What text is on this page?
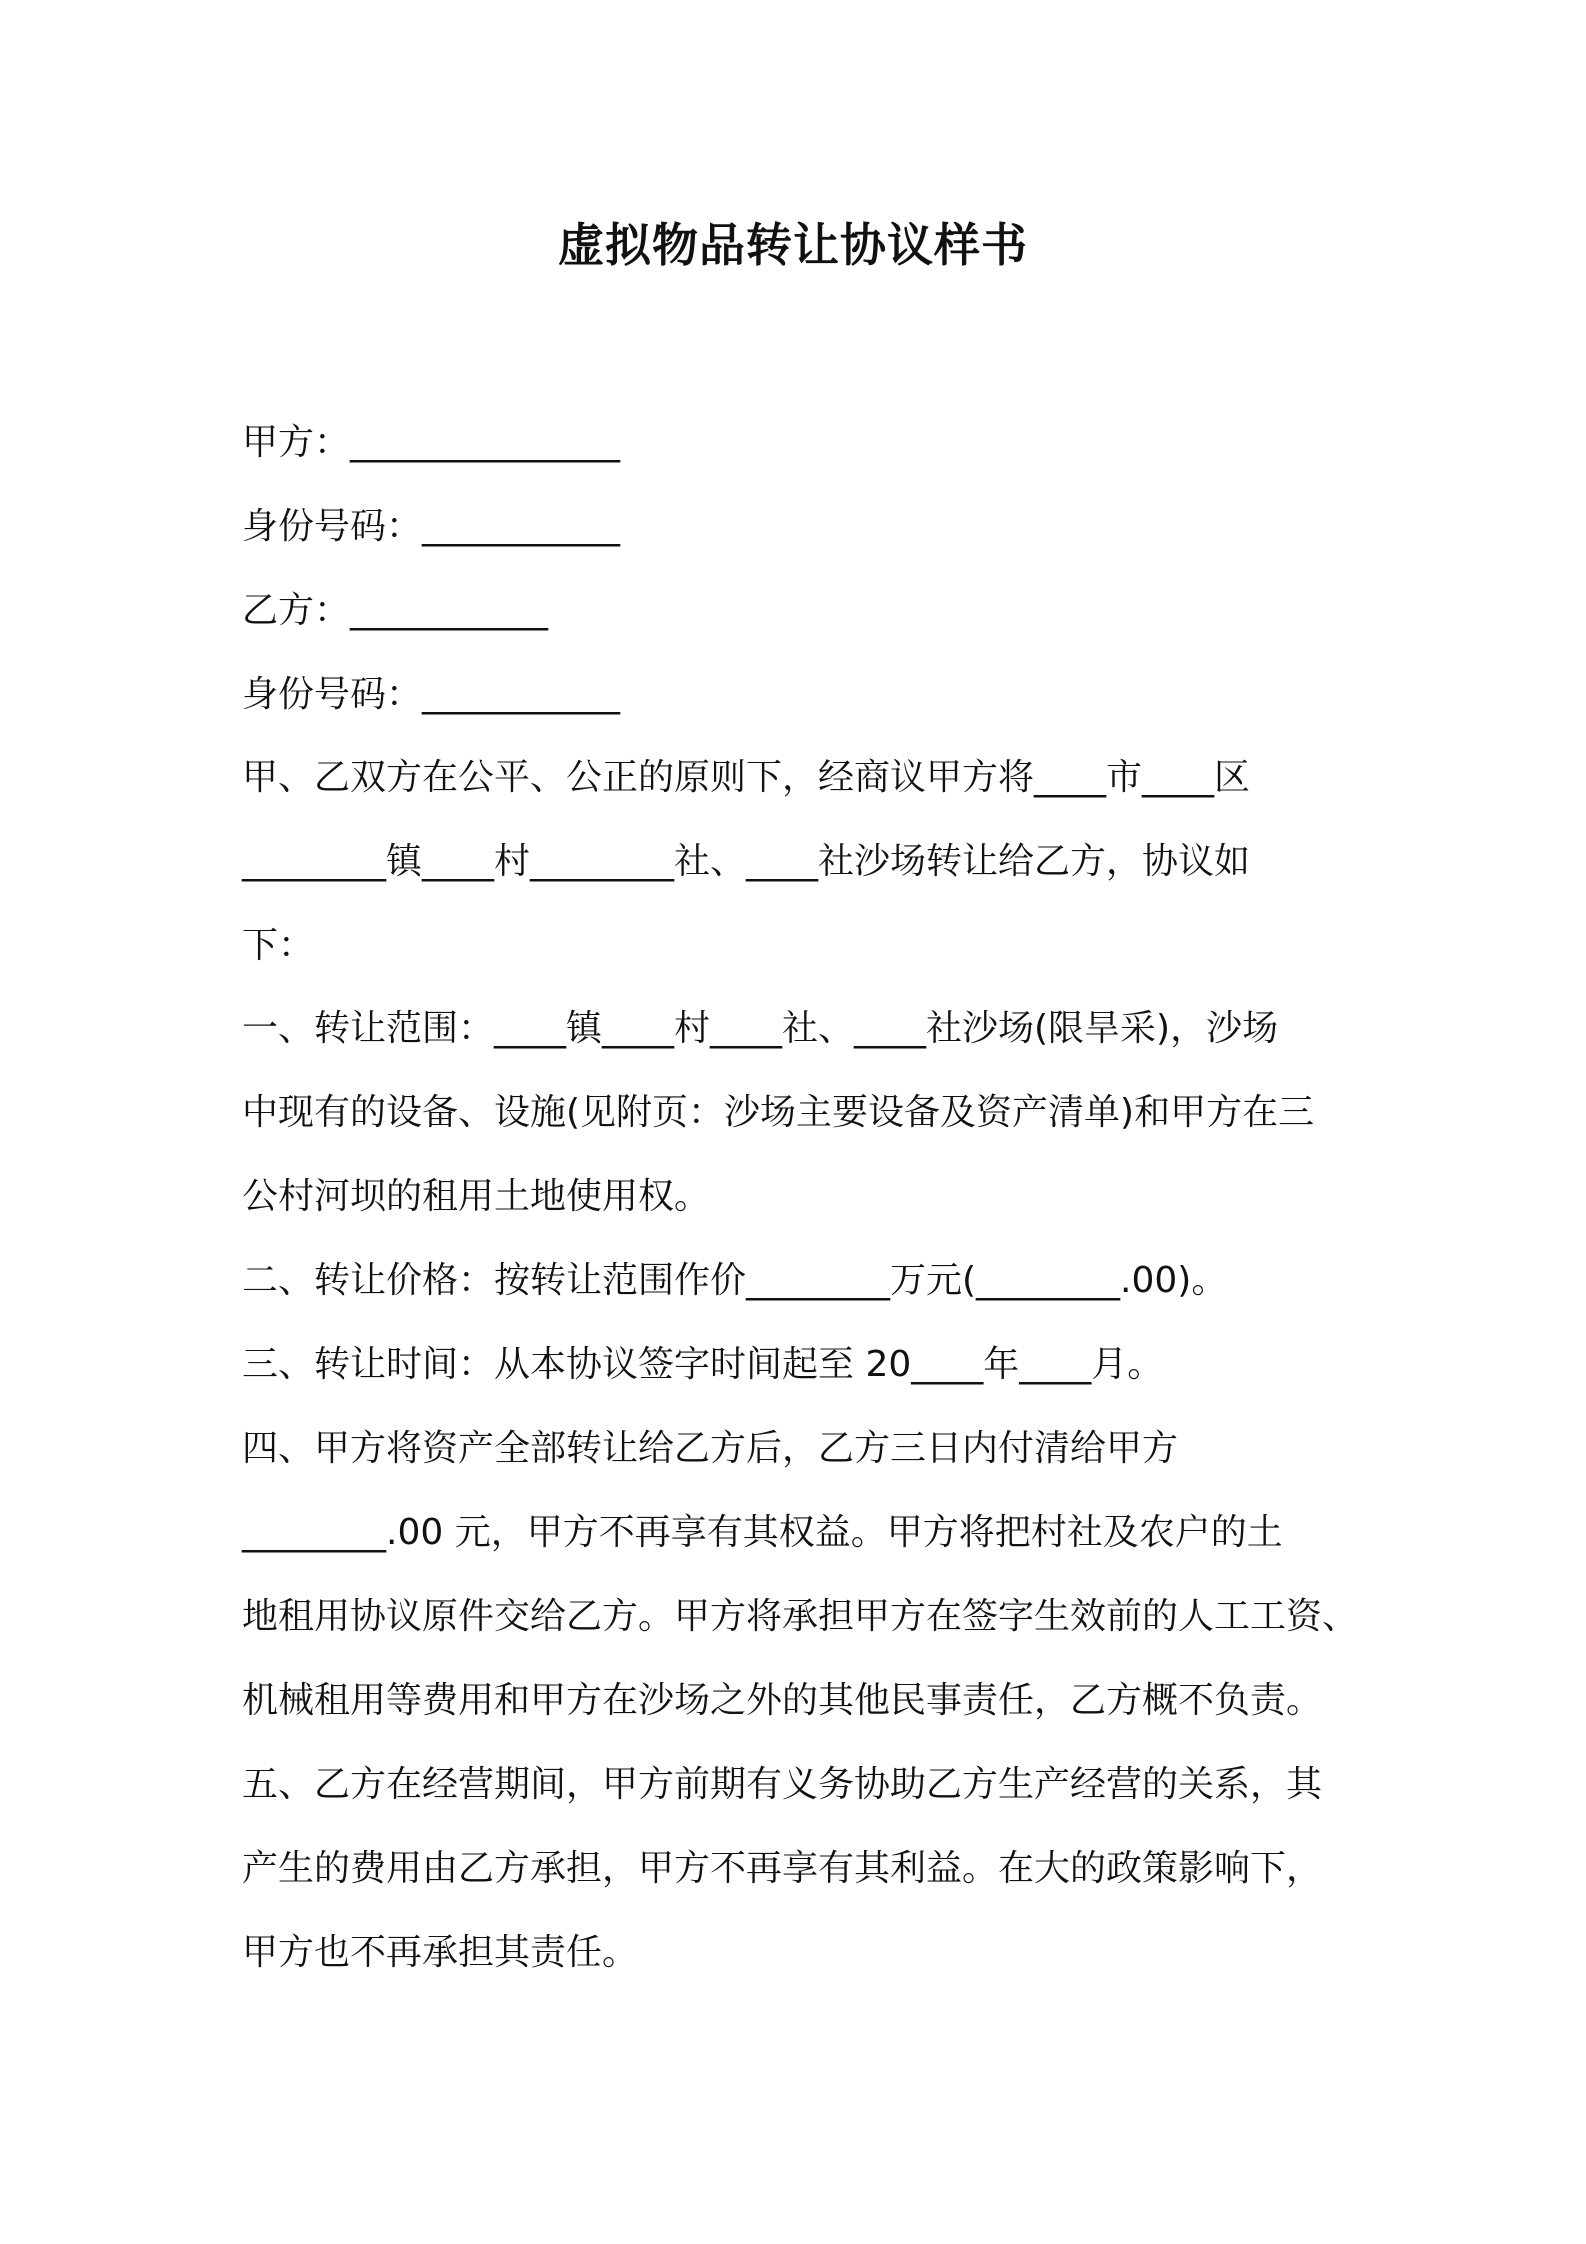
虚拟物品转让协议样书
甲方：_______________
身份号码：___________
乙方：___________
身份号码：___________
甲、乙双方在公平、公正的原则下，经商议甲方将____市____区
________镇____村________社、____社沙场转让给乙方，协议如
下：
一、转让范围：____镇____村____社、____社沙场(限旱采)，沙场
中现有的设备、设施(见附页：沙场主要设备及资产清单)和甲方在三
公村河坝的租用土地使用权。
二、转让价格：按转让范围作价________万元(________.00)。
三、转让时间：从本协议签字时间起至 20____年____月。
四、甲方将资产全部转让给乙方后，乙方三日内付清给甲方
________.00 元，甲方不再享有其权益。甲方将把村社及农户的土
地租用协议原件交给乙方。甲方将承担甲方在签字生效前的人工工资、
机械租用等费用和甲方在沙场之外的其他民事责任，乙方概不负责。
五、乙方在经营期间，甲方前期有义务协助乙方生产经营的关系，其
产生的费用由乙方承担，甲方不再享有其利益。在大的政策影响下，
甲方也不再承担其责任。
